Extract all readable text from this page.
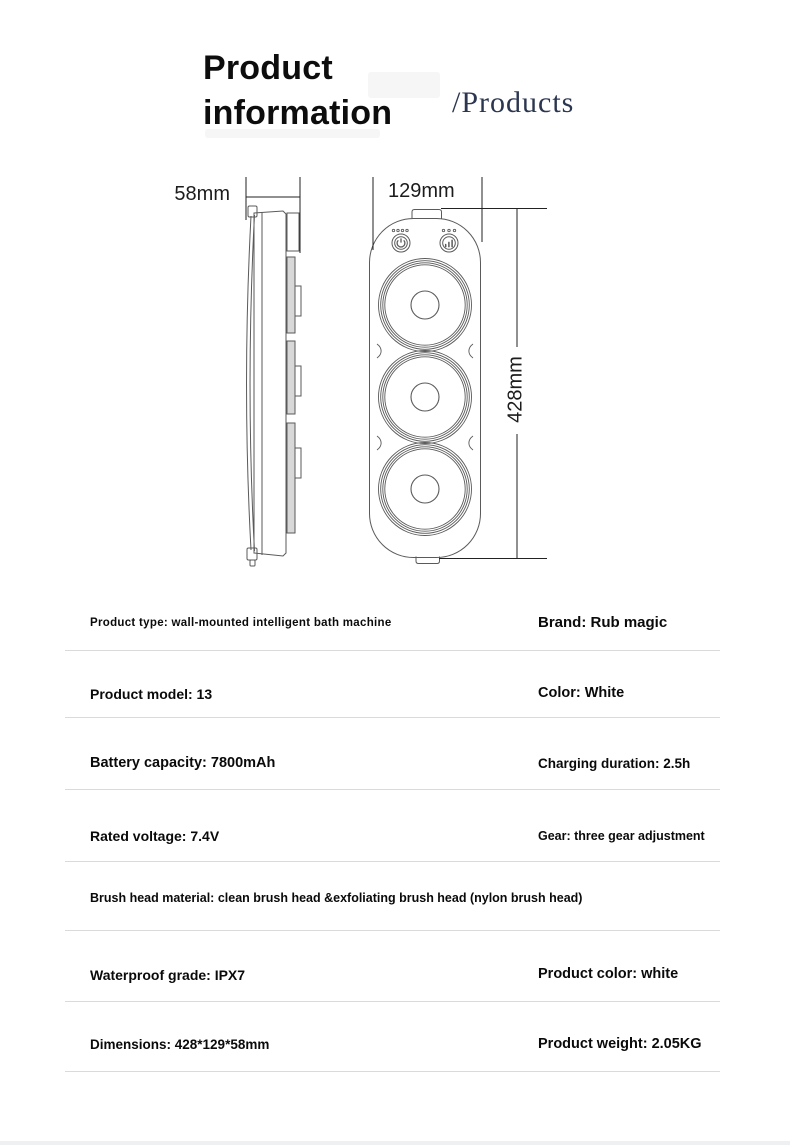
Product
information /Products
58mm	129mm
428mm
Product type: wall-mounted intelligent bath machine	Brand: Rub magic
Product model: 13	Color: White
Battery capacity: 7800mAh	Charging duration: 2.5h
Rated voltage: 7.4V	Gear: three gear adjustment
Brush head material: clean brush head &exfoliating brush head (nylon brush head)
Waterproof grade: IPX7	Product color: white
Dimensions: 428*129*58mm	Product weight: 2.05KG
